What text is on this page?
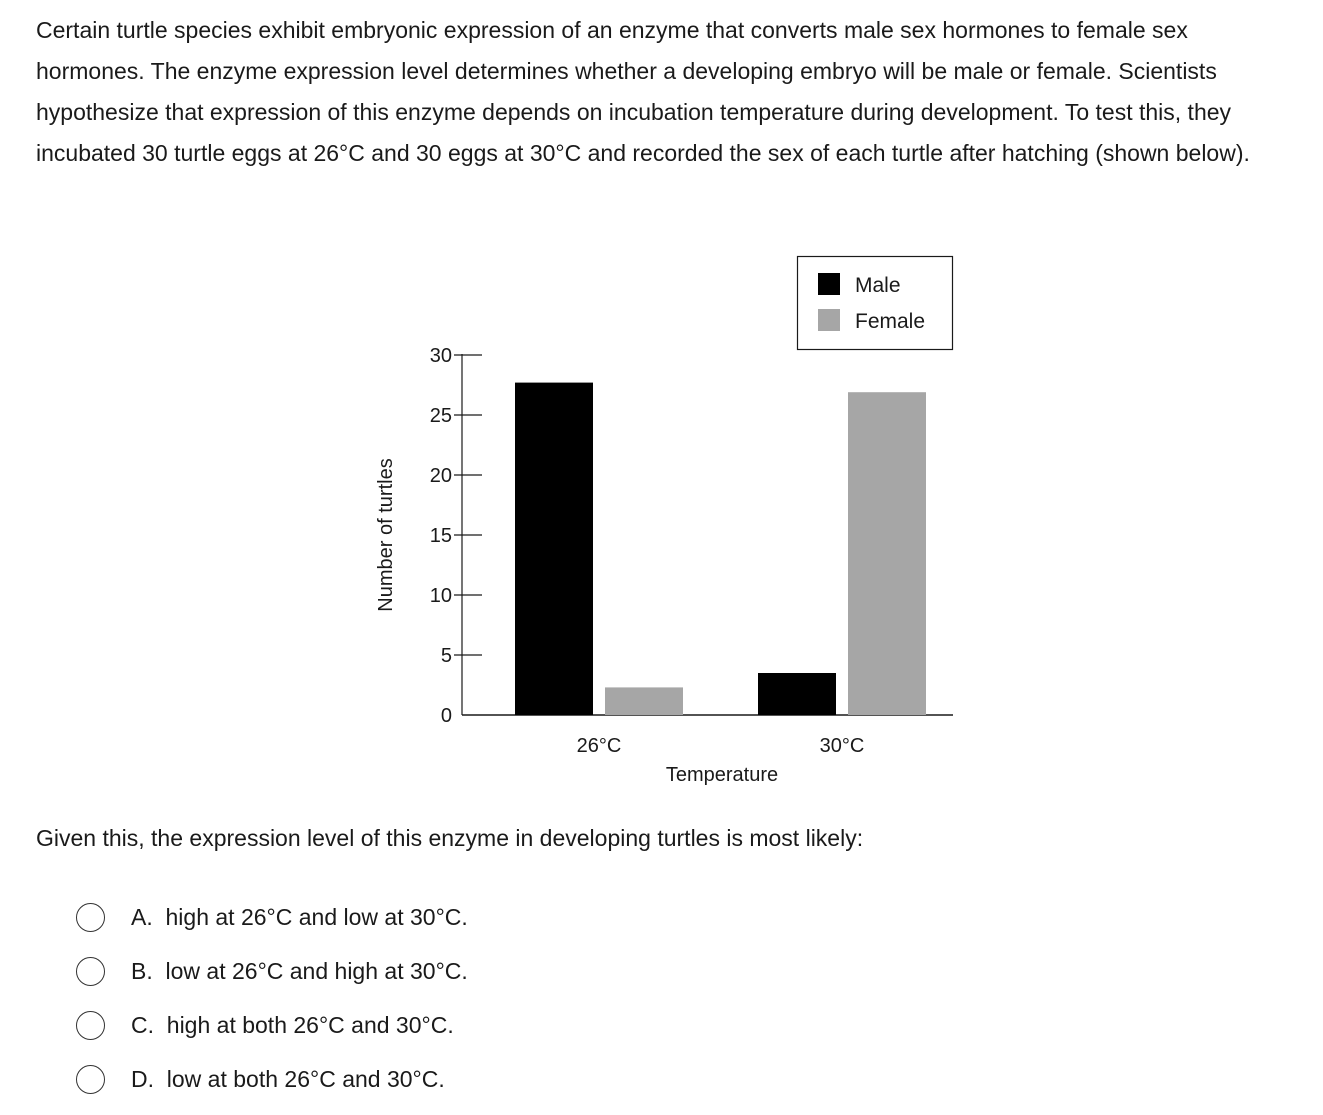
Certain turtle species exhibit embryonic expression of an enzyme that converts male sex hormones to female sex hormones. The enzyme expression level determines whether a developing embryo will be male or female. Scientists hypothesize that expression of this enzyme depends on incubation temperature during development. To test this, they incubated 30 turtle eggs at 26°C and 30 eggs at 30°C and recorded the sex of each turtle after hatching (shown below).

0
5
10
15
20
25
30
Number of turtles
26°C	30°C
Temperature
Male
Female

Given this, the expression level of this enzyme in developing turtles is most likely:

A. high at 26°C and low at 30°C.
B. low at 26°C and high at 30°C.
C. high at both 26°C and 30°C.
D. low at both 26°C and 30°C.
